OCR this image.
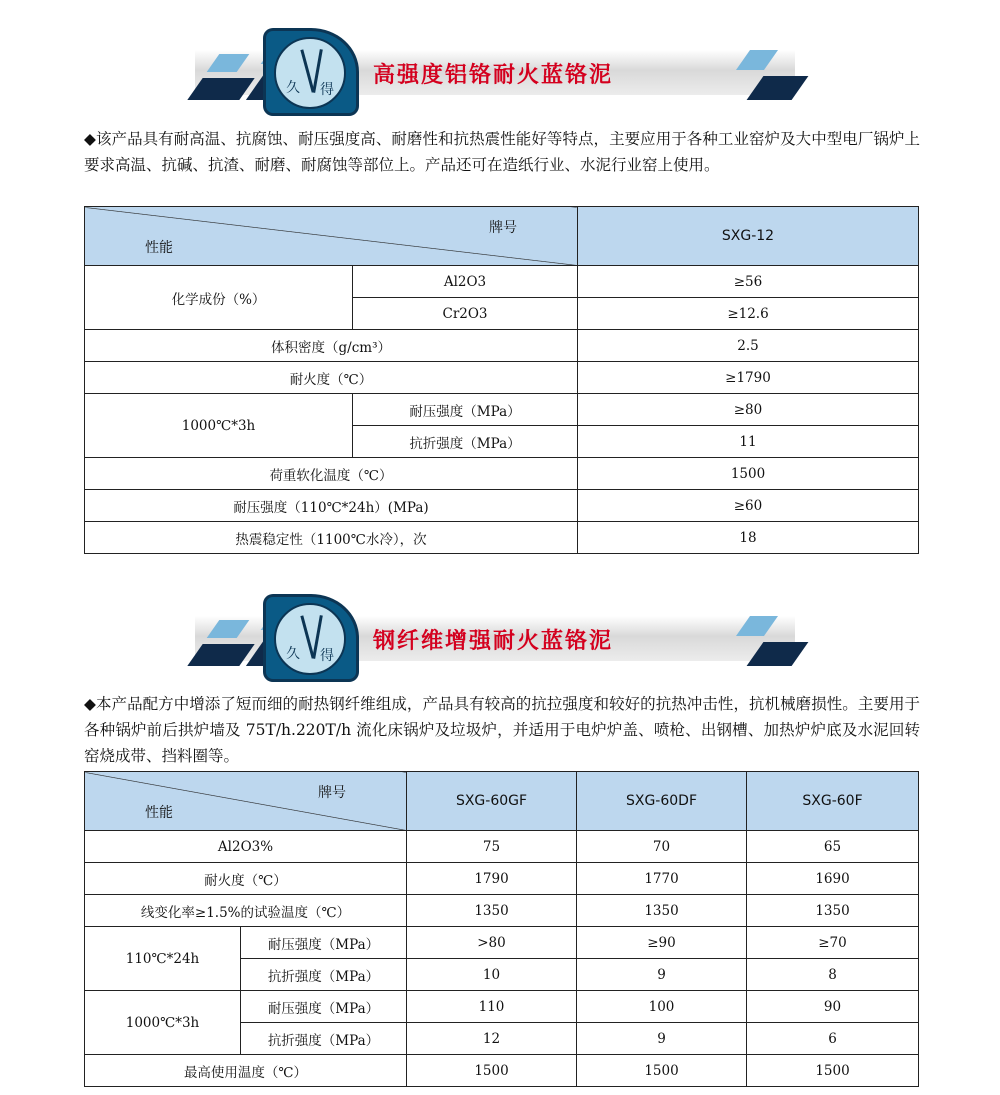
久 得
高强度铝铬耐火蓝铬泥
◆该产品具有耐高温、抗腐蚀、耐压强度高、耐磨性和抗热震性能好等特点，主要应用于各种工业窑炉及大中型电厂锅炉上要求高温、抗碱、抗渣、耐磨、耐腐蚀等部位上。产品还可在造纸行业、水泥行业窑上使用。
牌号
性能		SXG-12
化学成份（%）	Al2O3	≥56
	Cr2O3	≥12.6
体积密度（g/cm³）		2.5
耐火度（℃）		≥1790
1000℃*3h	耐压强度（MPa）	≥80
	抗折强度（MPa）	11
荷重软化温度（℃）		1500
耐压强度（110℃*24h）(MPa)		≥60
热震稳定性（1100℃水冷），次		18
久 得
钢纤维增强耐火蓝铬泥
◆本产品配方中增添了短而细的耐热钢纤维组成，产品具有较高的抗拉强度和较好的抗热冲击性，抗机械磨损性。主要用于各种锅炉前后拱炉墙及 75T/h.220T/h 流化床锅炉及垃圾炉，并适用于电炉炉盖、喷枪、出钢槽、加热炉炉底及水泥回转窑烧成带、挡料圈等。
牌号
性能		SXG-60GF	SXG-60DF	SXG-60F
Al2O3%		75	70	65
耐火度（℃）		1790	1770	1690
线变化率≥1.5%的试验温度（℃）		1350	1350	1350
110℃*24h	耐压强度（MPa）	>80	≥90	≥70
	抗折强度（MPa）	10	9	8
1000℃*3h	耐压强度（MPa）	110	100	90
	抗折强度（MPa）	12	9	6
最高使用温度（℃）		1500	1500	1500
